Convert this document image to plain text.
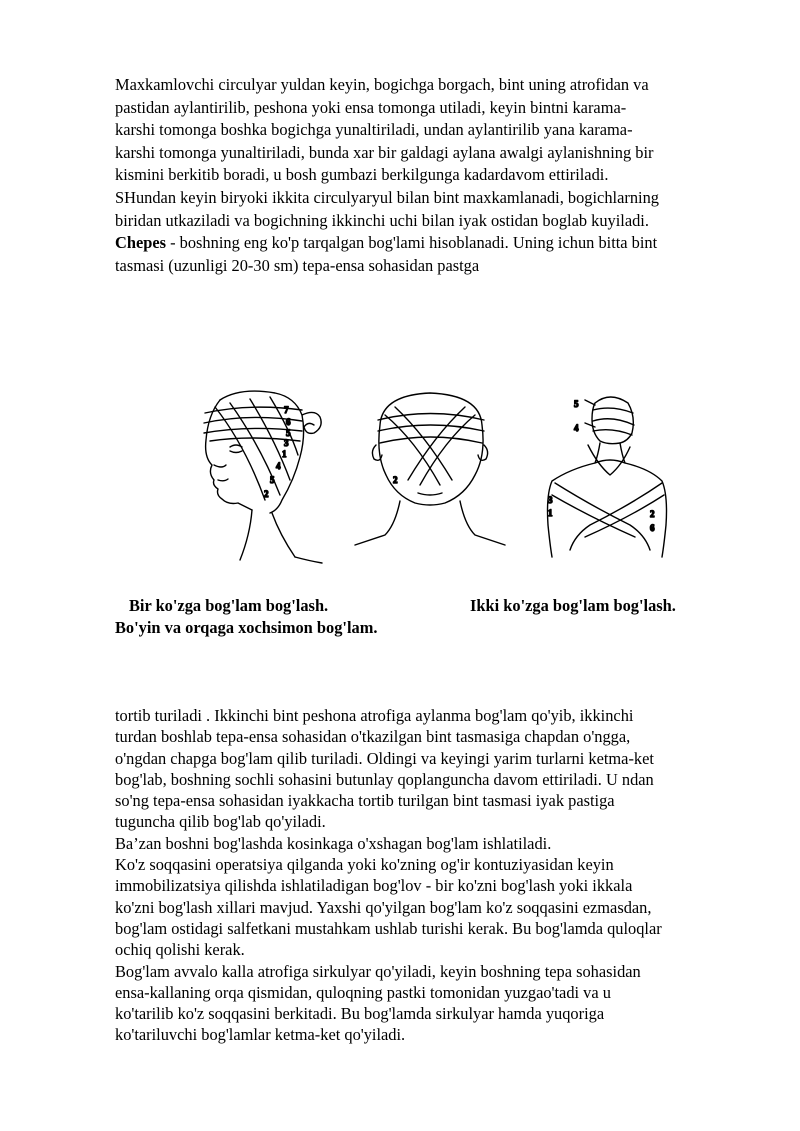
Maxkamlovchi circulyar yuldan keyin, bogichga borgach, bint uning atrofidan va
pastidan aylantirilib, peshona yoki ensa tomonga utiladi, keyin bintni karama-
karshi tomonga boshka bogichga yunaltiriladi, undan aylantirilib yana karama-
karshi tomonga yunaltiriladi, bunda xar bir galdagi aylana awalgi aylanishning bir
kismini berkitib boradi, u bosh gumbazi berkilgunga kadardavom ettiriladi.
SHundan keyin biryoki ikkita circulyaryul bilan bint maxkamlanadi, bogichlarning
biridan utkaziladi va bogichning ikkinchi uchi bilan iyak ostidan boglab kuyiladi.
Chepes - boshning eng ko'p tarqalgan bog'lami hisoblanadi. Uning ichun bitta bint
tasmasi (uzunligi 20-30 sm) tepa-ensa sohasidan pastga

7
6
5
3
1
4
5
2
2
5
4
3
1	2
6

Bir ko'zga bog'lam bog'lash.	Ikki ko'zga bog'lam bog'lash.

Bo'yin va orqaga xochsimon bog'lam.

tortib turiladi . Ikkinchi bint peshona atrofiga aylanma bog'lam qo'yib, ikkinchi
turdan boshlab tepa-ensa sohasidan o'tkazilgan bint tasmasiga chapdan o'ngga,
o'ngdan chapga bog'lam qilib turiladi. Oldingi va keyingi yarim turlarni ketma-ket
bog'lab, boshning sochli sohasini butunlay qoplanguncha davom ettiriladi. U ndan
so'ng tepa-ensa sohasidan iyakkacha tortib turilgan bint tasmasi iyak pastiga
tuguncha qilib bog'lab qo'yiladi.
Ba’zan boshni bog'lashda kosinkaga o'xshagan bog'lam ishlatiladi.
Ko'z soqqasini operatsiya qilganda yoki ko'zning og'ir kontuziyasidan keyin
immobilizatsiya qilishda ishlatiladigan bog'lov - bir ko'zni bog'lash yoki ikkala
ko'zni bog'lash xillari mavjud. Yaxshi qo'yilgan bog'lam ko'z soqqasini ezmasdan,
bog'lam ostidagi salfetkani mustahkam ushlab turishi kerak. Bu bog'lamda quloqlar
ochiq qolishi kerak.
Bog'lam avvalo kalla atrofiga sirkulyar qo'yiladi, keyin boshning tepa sohasidan
ensa-kallaning orqa qismidan, quloqning pastki tomonidan yuzgao'tadi va u
ko'tarilib ko'z soqqasini berkitadi. Bu bog'lamda sirkulyar hamda yuqoriga
ko'tariluvchi bog'lamlar ketma-ket qo'yiladi.
